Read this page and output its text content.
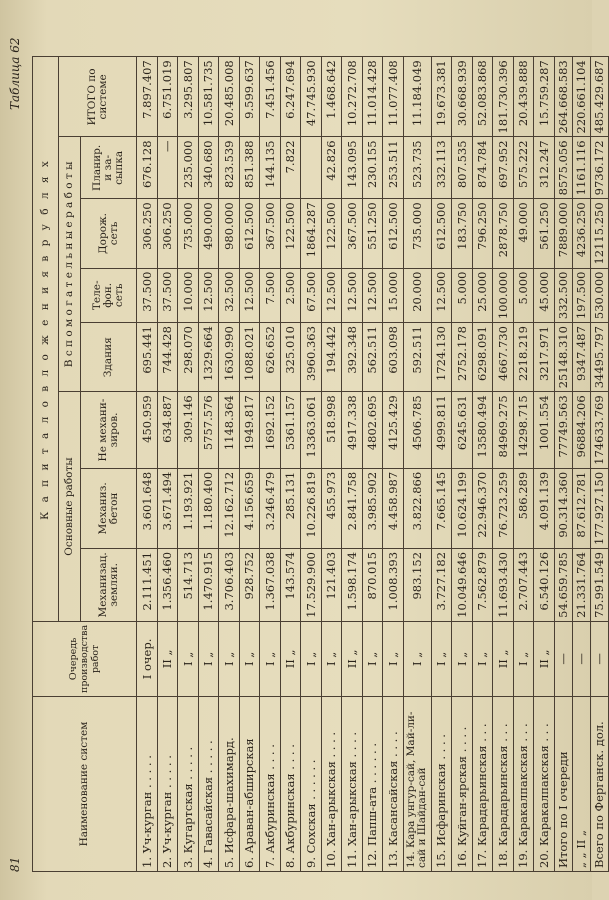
81
Таблица 62
Наименование систем	Очередь производства работ	К а п и т а л о в л о ж е н и я в р у б л я х							
		Основные работы			В с п о м о г а т е л ь н ы е р а б о т ы				ИТОГО по системе
		Механизац. земляи.	Механиз. бетон	Не механи-зиров.	Здания	Теле-фон. сеть	Дорож. сеть	Планир. и за-сыпка	
1. Уч-курган . . . . .	I очер.	2.111.451	3.601.648	450.959	695.441	37.500	306.250	676.128	7.897.407
2. Уч-курган . . . . .	II „	1.356.460	3.671.494	634.887	744.428	37.500	306.250	—	6.751.019
3. Кугартская . . . . .	I „	514.713	1.193.921	309.146	298.070	10.000	735.000	235.000	3.295.807
4. Гавасайская . . . . .	I „	1.470.915	1.180.400	5757.576	1329.664	12.500	490.000	340.680	10.581.735
5. Исфара-шахимард.	I „	3.706.403	12.162.712	1148.364	1630.990	32.500	980.000	823.539	20.485.008
6. Араван-абширская	I „	928.752	4.156.659	1949.817	1088.021	12.500	612.500	851.388	9.599.637
7. Акбуринская . . . .	I „	1.367.038	3.246.479	1692.152	626.652	7.500	367.500	144.135	7.451.456
8. Акбуринская . . . .	II „	143.574	285.131	5361.157	325.010	2.500	122.500	7.822	6.247.694
9. Сохская . . . . . .	I „	17.529.900	10.226.819	13363.061	3960.363	67.500	1864.287		47.745.930
10. Хан-арыкская . . . .	I „	121.403	455.973	518.998	194.442	12.500	122.500	42.826	1.468.642
11. Хан-арыкская . . . .	II „	1.598.174	2.841.758	4917.338	392.348	12.500	367.500	143.095	10.272.708
12. Папш-ата . . . . . .	I „	870.015	3.985.902	4802.695	562.511	12.500	551.250	230.155	11.014.428
13. Касансайская . . . .	I „	1.008.393	4.458.987	4125.429	603.098	15.000	612.500	253.511	11.077.408
14. Кара унгур-сай, Май-ли-сай и Шайдан-сай	I „	983.152	3.822.866	4506.785	592.511	20.000	735.000	523.735	11.184.049
15. Исфаринская . . . .	I „	3.727.182	7.665.145	4999.811	1724.130	12.500	612.500	332.113	19.673.381
16. Куйган-ярская . . . .	I „	10.049.646	10.624.199	6245.631	2752.178	5.000	183.750	807.535	30.668.939
17. Карадарьинская . . .	I „	7.562.879	22.946.370	13580.494	6298.091	25.000	796.250	874.784	52.083.868
18. Карадарьинская . . .	II „	11.693.430	76.723.259	84969.275	4667.730	100.000	2878.750	697.952	181.730.396
19. Каракалпакская . . .	I „	2.707.443	586.289	14298.715	2218.219	5.000	49.000	575.222	20.439.888
20. Каракалпакская . . .	II „	6.540.126	4.091.139	1001.554	3217.971	45.000	561.250	312.247	15.759.287
Итого по I очереди	—	54.659.785	90.314.360	77749.563	25148.310	332.500	7889.000	8575.056	264.668.583
„ „ II „	—	21.331.764	87.612.781	96884.206	9347.487	197.500	4236.250	1161.116	220.661.104
Всего по Ферганск. дол.	—	75.991.549	177.927.150	174633.769	34495.797	530.000	12115.250	9736.172	485.429.687
